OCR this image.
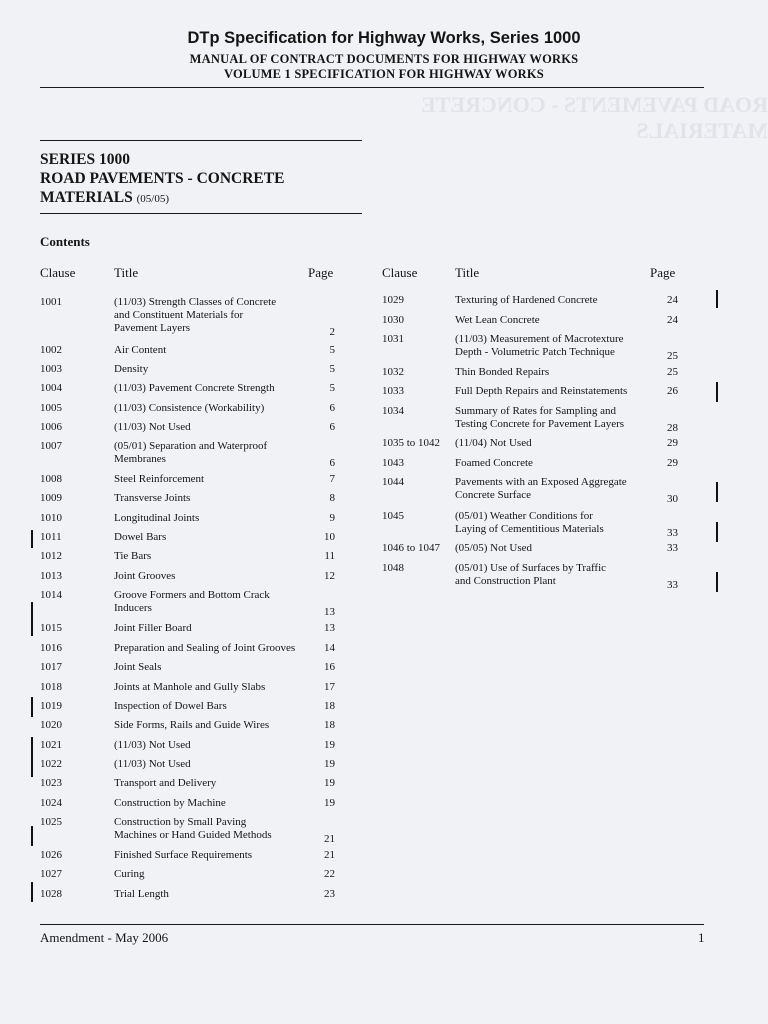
ROAD PAVEMENTS - CONCRETE MATERIALS
DTp Specification for Highway Works, Series 1000
MANUAL OF CONTRACT DOCUMENTS FOR HIGHWAY WORKS
VOLUME 1 SPECIFICATION FOR HIGHWAY WORKS
SERIES 1000
ROAD PAVEMENTS - CONCRETE
MATERIALS (05/05)
Contents
Clause	Title	Page	Clause	Title	Page
1001	(11/03) Strength Classes of Concrete
and Constituent Materials for
Pavement Layers	2
1002	Air Content	5
1003	Density	5
1004	(11/03) Pavement Concrete Strength	5
1005	(11/03) Consistence (Workability)	6
1006	(11/03) Not Used	6
1007	(05/01) Separation and Waterproof
Membranes	6
1008	Steel Reinforcement	7
1009	Transverse Joints	8
1010	Longitudinal Joints	9
1011	Dowel Bars	10
1012	Tie Bars	11
1013	Joint Grooves	12
1014	Groove Formers and Bottom Crack
Inducers	13
1015	Joint Filler Board	13
1016	Preparation and Sealing of Joint Grooves	14
1017	Joint Seals	16
1018	Joints at Manhole and Gully Slabs	17
1019	Inspection of Dowel Bars	18
1020	Side Forms, Rails and Guide Wires	18
1021	(11/03) Not Used	19
1022	(11/03) Not Used	19
1023	Transport and Delivery	19
1024	Construction by Machine	19
1025	Construction by Small Paving
Machines or Hand Guided Methods	21
1026	Finished Surface Requirements	21
1027	Curing	22
1028	Trial Length	23
1029	Texturing of Hardened Concrete	24
1030	Wet Lean Concrete	24
1031	(11/03) Measurement of Macrotexture
Depth - Volumetric Patch Technique	25
1032	Thin Bonded Repairs	25
1033	Full Depth Repairs and Reinstatements	26
1034	Summary of Rates for Sampling and
Testing Concrete for Pavement Layers	28
1035 to 1042 (11/04) Not Used	29
1043	Foamed Concrete	29
1044	Pavements with an Exposed Aggregate
Concrete Surface	30
1045	(05/01) Weather Conditions for
Laying of Cementitious Materials	33
1046 to 1047 (05/05) Not Used	33
1048	(05/01) Use of Surfaces by Traffic
and Construction Plant	33
Amendment - May 2006	1
